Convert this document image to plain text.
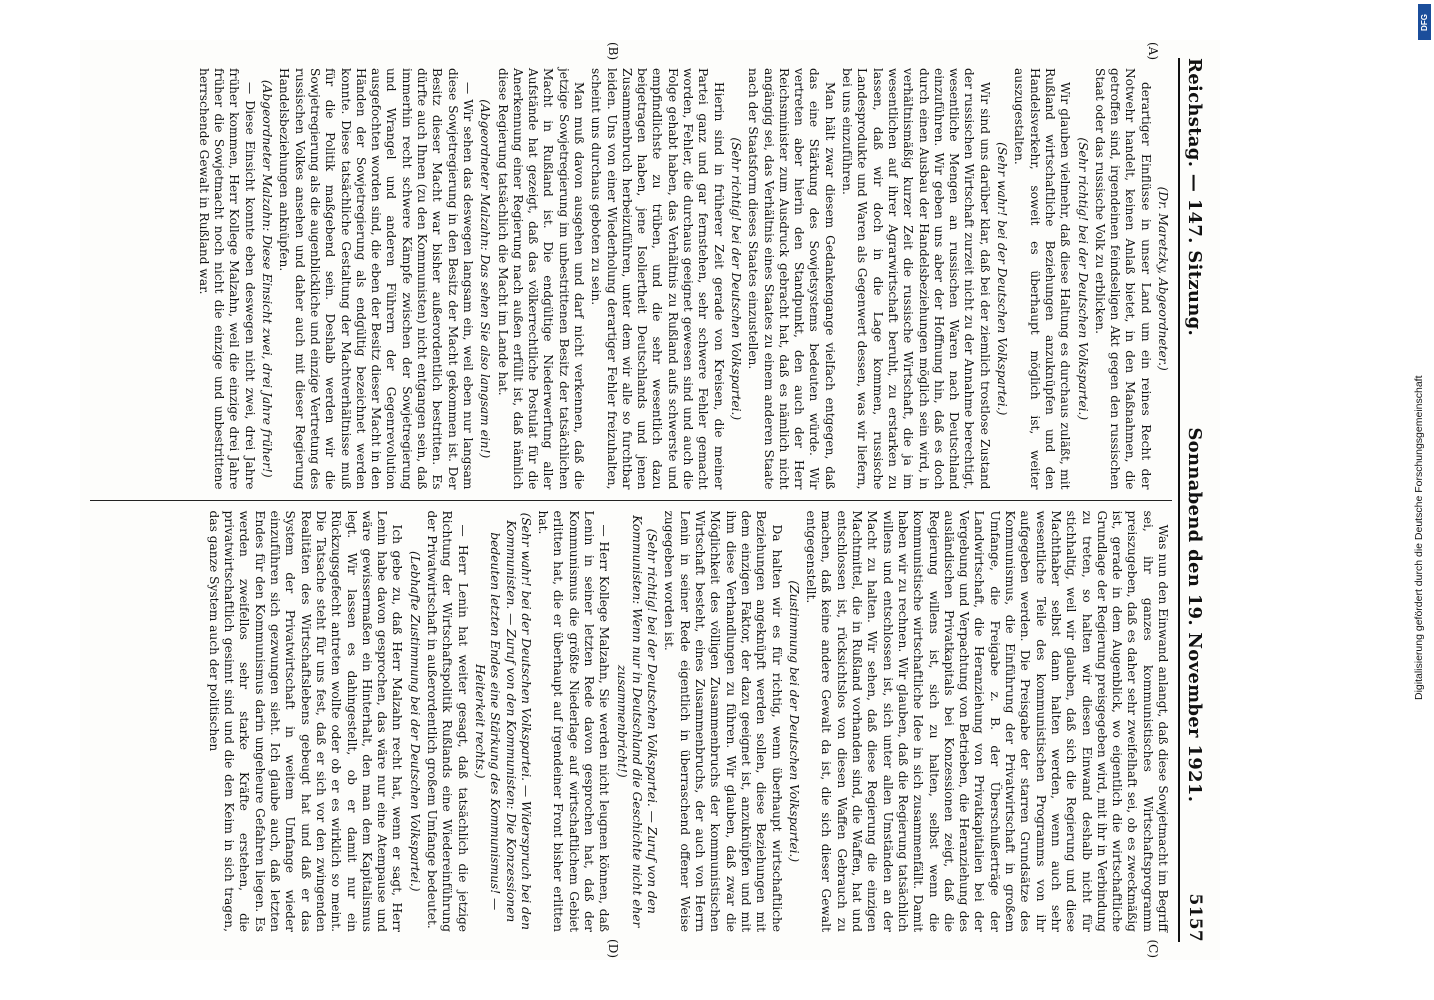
Reichstag. — 147. Sitzung.
Sonnabend den 19. November 1921.
5157

(Dr. Maretzky, Abgeordneter.)

derartiger Einflüsse in unser Land um ein reines Recht der Notwehr handelt, keinen Anlaß bietet, in den Maßnahmen, die getroffen sind, irgendeinen feindseligen Akt gegen den russischen Staat oder das russische Volk zu erblicken.

(Sehr richtig! bei der Deutschen Volkspartei.)

Wir glauben vielmehr, daß diese Haltung es durchaus zuläßt, mit Rußland wirtschaftliche Beziehungen anzuknüpfen und den Handelsverkehr, soweit es überhaupt möglich ist, weiter auszugestalten.

(Sehr wahr! bei der Deutschen Volkspartei.)

Wir sind uns darüber klar, daß bei der ziemlich trostlose Zustand der russischen Wirtschaft zurzeit nicht zu der Annahme berechtigt, wesentliche Mengen an russischen Waren nach Deutschland einzuführen. Wir geben uns aber der Hoffnung hin, daß es doch durch einen Ausbau der Handelsbeziehungen möglich sein wird, in verhältnismäßig kurzer Zeit die russische Wirtschaft, die ja im wesentlichen auf ihrer Agrarwirtschaft beruht, zu erstarken zu lassen, daß wir doch in die Lage kommen, russische Landesprodukte und Waren als Gegenwert dessen, was wir liefern, bei uns einzuführen.

Man hält zwar diesem Gedankengange vielfach entgegen, daß das eine Stärkung des Sowjetsystems bedeuten würde. Wir vertreten aber hierin den Standpunkt, den auch der Herr Reichsminister zum Ausdruck gebracht hat, daß es nämlich nicht angängig sei, das Verhältnis eines Staates zu einem anderen Staate nach der Staatsform dieses Staates einzustellen.

(Sehr richtig! bei der Deutschen Volkspartei.)

Hierin sind in früherer Zeit gerade von Kreisen, die meiner Partei ganz und gar fernstehen, sehr schwere Fehler gemacht worden, Fehler, die durchaus geeignet gewesen sind und auch die Folge gehabt haben, das Verhältnis zu Rußland aufs schwerste und empfindlichste zu trüben, und die sehr wesentlich dazu beigetragen haben, jene Isoliertheit Deutschlands und jenen Zusammenbruch herbeizuführen, unter dem wir alle so furchtbar leiden. Uns von einer Wiederholung derartiger Fehler freizuhalten, scheint uns durchaus geboten zu sein.

Man muß davon ausgehen und darf nicht verkennen, daß die jetzige Sowjetregierung im unbestrittenen Besitz der tatsächlichen Macht in Rußland ist. Die endgültige Niederwerfung aller Aufstände hat gezeigt, daß das völkerrechtliche Postulat für die Anerkennung einer Regierung nach außen erfüllt ist, daß nämlich diese Regierung tatsächlich die Macht im Lande hat.

(Abgeordneter Malzahn: Das sehen Sie also langsam ein!)

— Wir sehen das deswegen langsam ein, weil eben nur langsam diese Sowjetregierung in den Besitz der Macht gekommen ist. Der Besitz dieser Macht war bisher außerordentlich bestritten. Es dürfte auch Ihnen (zu den Kommunisten) nicht entgangen sein, daß immerhin recht schwere Kämpfe zwischen der Sowjetregierung und Wrangel und anderen Führern der Gegenrevolution ausgefochten worden sind, die eben der Besitz dieser Macht in den Händen der Sowjetregierung als endgültig bezeichnet werden konnte. Diese tatsächliche Gestaltung der Machtverhältnisse muß für die Politik maßgebend sein. Deshalb werden wir die Sowjetregierung als die augenblickliche und einzige Vertretung des russischen Volkes ansehen und daher auch mit dieser Regierung Handelsbeziehungen anknüpfen.

(Abgeordneter Malzahn: Diese Einsicht zwei, drei Jahre früher!)

— Diese Einsicht konnte eben deswegen nicht zwei, drei Jahre früher kommen, Herr Kollege Malzahn, weil die einzige drei Jahre früher die Sowjetmacht noch nicht die einzige und unbestrittene herrschende Gewalt in Rußland war.

Was nun den Einwand anlangt, daß diese Sowjetmacht im Begriff sei, ihr ganzes kommunistisches Wirtschaftsprogramm preiszugeben, daß es daher sehr zweifelhaft sei, ob es zweckmäßig ist, gerade in dem Augenblick, wo eigentlich die wirtschaftliche Grundlage der Regierung preisgegeben wird, mit ihr in Verbindung zu treten, so halten wir diesen Einwand deshalb nicht für stichhaltig, weil wir glauben, daß sich die Regierung und diese Machthaber selbst dann halten werden, wenn auch sehr wesentliche Teile des kommunistischen Programms von ihr aufgegeben werden. Die Preisgabe der starren Grundsätze des Kommunismus, die Einführung der Privatwirtschaft in großem Umfange, die Freigabe z. B. der Überschußerträge der Landwirtschaft, die Heranziehung von Privatkapitalien bei der Vergebung und Verpachtung von Betrieben, die Heranziehung des ausländischen Privatkapitals bei Konzessionen zeigt, daß die Regierung willens ist, sich zu halten, selbst wenn die kommunistische wirtschaftliche Idee in sich zusammenfällt. Damit haben wir zu rechnen. Wir glauben, daß die Regierung tatsächlich willens und entschlossen ist, sich unter allen Umständen an der Macht zu halten. Wir sehen, daß diese Regierung die einzigen Machtmittel, die in Rußland vorhanden sind, die Waffen, hat und entschlossen ist, rücksichtslos von diesen Waffen Gebrauch zu machen, daß keine andere Gewalt da ist, die sich dieser Gewalt entgegenstellt.

(Zustimmung bei der Deutschen Volkspartei.)

Da halten wir es für richtig, wenn überhaupt wirtschaftliche Beziehungen angeknüpft werden sollen, diese Beziehungen mit dem einzigen Faktor, der dazu geeignet ist, anzuknüpfen und mit ihm diese Verhandlungen zu führen. Wir glauben, daß zwar die Möglichkeit des völligen Zusammenbruchs der kommunistischen Wirtschaft besteht, eines Zusammenbruchs, der auch von Herrn Lenin in seiner Rede eigentlich in überraschend offener Weise zugegeben worden ist.

(Sehr richtig! bei der Deutschen Volkspartei. — Zuruf von den Kommunisten: Wenn nur in Deutschland die Geschichte nicht eher zusammenbricht!)

— Herr Kollege Malzahn, Sie werden nicht leugnen können, daß Lenin in seiner letzten Rede davon gesprochen hat, daß der Kommunismus die größte Niederlage auf wirtschaftlichem Gebiet erlitten hat, die er überhaupt auf irgendeiner Front bisher erlitten hat.

(Sehr wahr! bei der Deutschen Volkspartei. — Widerspruch bei den Kommunisten. — Zuruf von den Kommunisten: Die Konzessionen bedeuten letzten Endes eine Stärkung des Kommunismus! — Heiterkeit rechts.)

— Herr Lenin hat weiter gesagt, daß tatsächlich die jetzige Richtung der Wirtschaftspolitik Rußlands eine Wiedereinführung der Privatwirtschaft in außerordentlich großem Umfange bedeutet.

(Lebhafte Zustimmung bei der Deutschen Volkspartei.)

Ich gebe zu, daß Herr Malzahn recht hat, wenn er sagt, Herr Lenin habe davon gesprochen, das wäre nur eine Atempause und wäre gewissermaßen ein Hinterhalt, den man dem Kapitalismus legt. Wir lassen es dahingestellt, ob er damit nur ein Rückzugsgefecht antreten wollte oder ob er es wirklich so meint. Die Tatsache steht für uns fest, daß er sich vor den zwingenden Realitäten des Wirtschaftslebens gebeugt hat und daß er das System der Privatwirtschaft in weitem Umfange wieder einzuführen sich gezwungen sieht. Ich glaube auch, daß letzten Endes für den Kommunismus darin ungeheure Gefahren liegen. Es werden zweifellos sehr starke Kräfte erstehen, die privatwirtschaftlich gesinnt sind und die den Keim in sich tragen, das ganze System auch der politischen

(A)
(B)
(C)
(D)
Digitalisierung gefördert durch die Deutsche Forschungsgemeinschaft
DFG
